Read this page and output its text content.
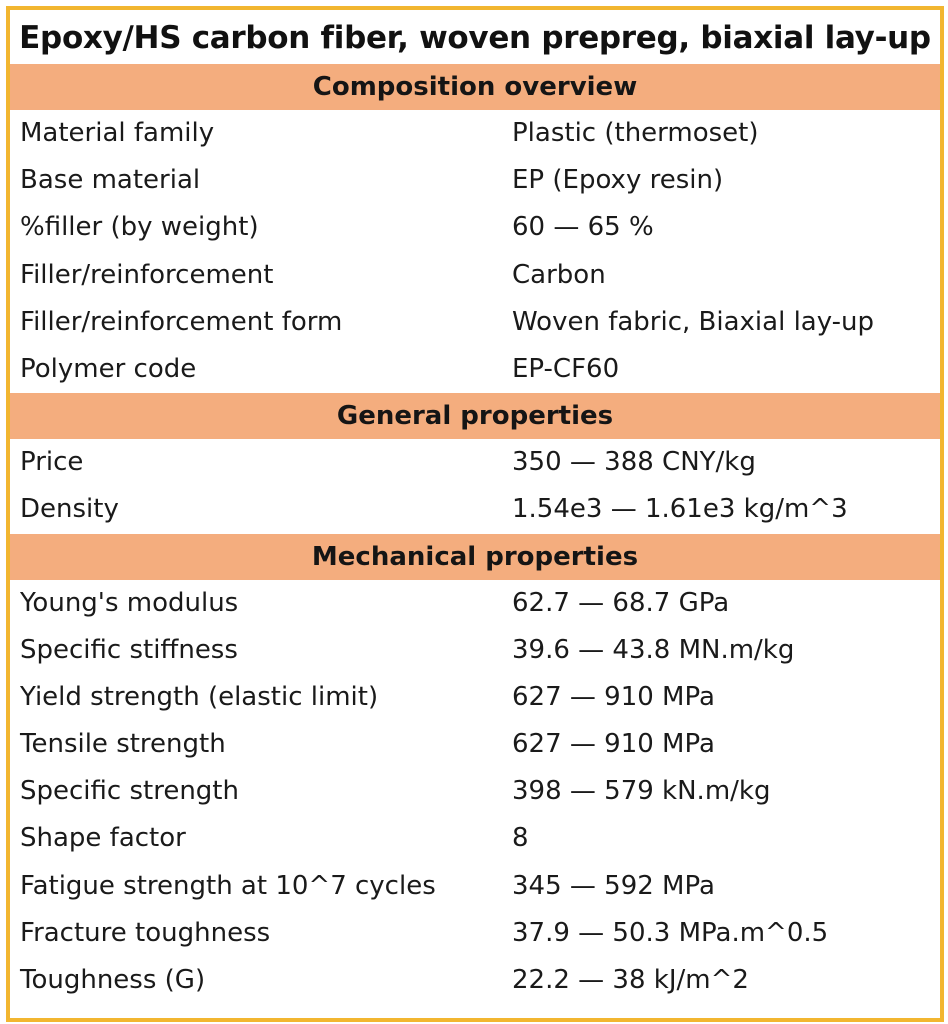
Epoxy/HS carbon fiber, woven prepreg, biaxial lay-up
Composition overview
Material family	Plastic (thermoset)
Base material	EP (Epoxy resin)
%filler (by weight)	60 — 65 %
Filler/reinforcement	Carbon
Filler/reinforcement form	Woven fabric, Biaxial lay-up
Polymer code	EP-CF60
General properties
Price	350 — 388 CNY/kg
Density	1.54e3 — 1.61e3 kg/m^3
Mechanical properties
Young's modulus	62.7 — 68.7 GPa
Specific stiffness	39.6 — 43.8 MN.m/kg
Yield strength (elastic limit)	627 — 910 MPa
Tensile strength	627 — 910 MPa
Specific strength	398 — 579 kN.m/kg
Shape factor	8
Fatigue strength at 10^7 cycles	345 — 592 MPa
Fracture toughness	37.9 — 50.3 MPa.m^0.5
Toughness (G)	22.2 — 38 kJ/m^2
